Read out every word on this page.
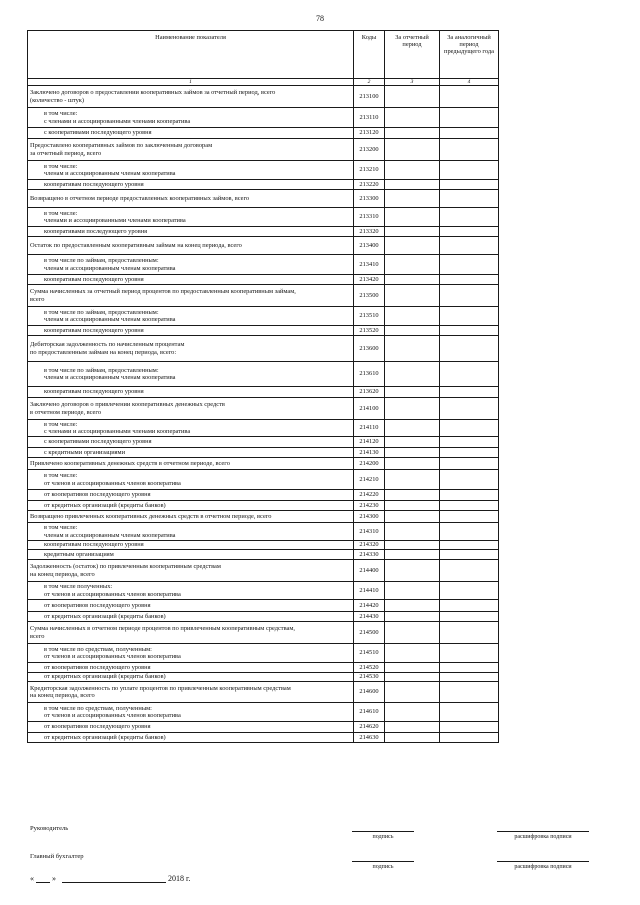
78
Наименование показателя	Коды	За отчетный период	За аналогичный период предыдущего года
1	2	3	4

Заключено договоров о предоставлении кооперативных займов за отчетный период, всего
(количество - штук)	213100		

в том числе:
с членами и ассоциированными членами кооператива	213110		

с кооперативами последующего уровня	213120		

Предоставлено кооперативных займов по заключенным договорам
за отчетный период, всего	213200		

в том числе:
членам и ассоциированным членам кооператива	213210		

кооперативам последующего уровня	213220		

Возвращено в отчетном периоде предоставленных кооперативных займов, всего	213300		

в том числе:
членами и ассоциированными членами кооператива	213310		

кооперативами последующего уровня	213320		

Остаток по предоставленным кооперативным займам на конец периода, всего	213400		

в том числе по займам, предоставленным:
членам и ассоциированным членам кооператива	213410		

кооперативам последующего уровня	213420		

Сумма начисленных за отчетный период процентов по предоставленным кооперативным займам,
всего	213500		

в том числе по займам, предоставленным:
членам и ассоциированным членам кооператива	213510		

кооперативам последующего уровня	213520		

Дебиторская задолженность по начисленным процентам
по предоставленным займам на конец периода, всего:	213600		

в том числе по займам, предоставленным:
членам и ассоциированным членам кооператива	213610		

кооперативам последующего уровня	213620		

Заключено договоров о привлечении кооперативных денежных средств
в отчетном периоде, всего	214100		

в том числе:
с членами и ассоциированными членами кооператива	214110		

с кооперативами последующего уровня	214120		

с кредитными организациями	214130		

Привлечено кооперативных денежных средств в отчетном периоде, всего	214200		

в том числе:
от членов и ассоциированных членов кооператива	214210		

от кооперативов последующего уровня	214220		

от кредитных организаций (кредиты банков)	214230		

Возвращено привлеченных кооперативных денежных средств в отчетном периоде, всего	214300		

в том числе:
членам и ассоциированным членам кооператива	214310		

кооперативам последующего уровня	214320		

кредитным организациям	214330		

Задолженность (остаток) по привлеченным кооперативным средствам
на конец периода, всего	214400		

в том числе полученных:
от членов и ассоциированных членов кооператива	214410		

от кооперативов последующего уровня	214420		

от кредитных организаций (кредиты банков)	214430		

Сумма начисленных в отчетном периоде процентов по привлеченным кооперативным средствам,
всего	214500		

в том числе по средствам, полученным:
от членов и ассоциированных членов кооператива	214510		

от кооперативов последующего уровня	214520		

от кредитных организаций (кредиты банков)	214530		

Кредиторская задолженность по уплате процентов по привлеченным кооперативным средствам
на конец периода, всего	214600		

в том числе по средствам, полученным:
от членов и ассоциированных членов кооператива	214610		

от кооперативов последующего уровня	214620		

от кредитных организаций (кредиты банков)	214630		
Руководитель
подпись	расшифровка подписи
Главный бухгалтер
подпись	расшифровка подписи
« »	2018 г.
